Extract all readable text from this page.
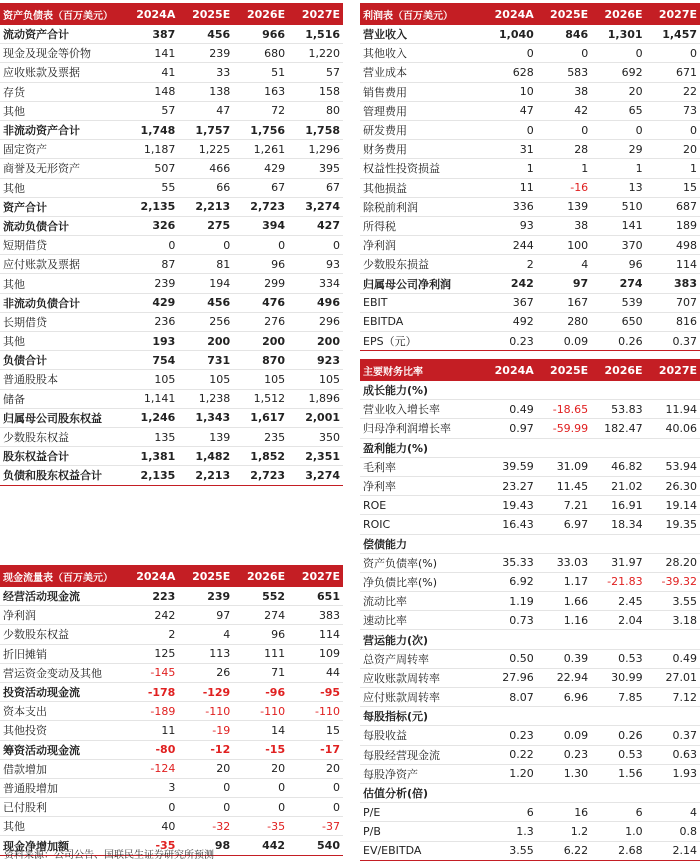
资产负债表（百万美元）	2024A	2025E	2026E	2027E
流动资产合计	387	456	966	1,516
现金及现金等价物	141	239	680	1,220
应收账款及票据	41	33	51	57
存货	148	138	163	158
其他	57	47	72	80
非流动资产合计	1,748	1,757	1,756	1,758
固定资产	1,187	1,225	1,261	1,296
商誉及无形资产	507	466	429	395
其他	55	66	67	67
资产合计	2,135	2,213	2,723	3,274
流动负债合计	326	275	394	427
短期借贷	0	0	0	0
应付账款及票据	87	81	96	93
其他	239	194	299	334
非流动负债合计	429	456	476	496
长期借贷	236	256	276	296
其他	193	200	200	200
负债合计	754	731	870	923
普通股股本	105	105	105	105
储备	1,141	1,238	1,512	1,896
归属母公司股东权益	1,246	1,343	1,617	2,001
少数股东权益	135	139	235	350
股东权益合计	1,381	1,482	1,852	2,351
负债和股东权益合计	2,135	2,213	2,723	3,274
利润表（百万美元）	2024A	2025E	2026E	2027E
营业收入	1,040	846	1,301	1,457
其他收入	0	0	0	0
营业成本	628	583	692	671
销售费用	10	38	20	22
管理费用	47	42	65	73
研发费用	0	0	0	0
财务费用	31	28	29	20
权益性投资损益	1	1	1	1
其他损益	11	-16	13	15
除税前利润	336	139	510	687
所得税	93	38	141	189
净利润	244	100	370	498
少数股东损益	2	4	96	114
归属母公司净利润	242	97	274	383
EBIT	367	167	539	707
EBITDA	492	280	650	816
EPS（元）	0.23	0.09	0.26	0.37
主要财务比率	2024A	2025E	2026E	2027E
成长能力(%)				
营业收入增长率	0.49	-18.65	53.83	11.94
归母净利润增长率	0.97	-59.99	182.47	40.06
盈利能力(%)				
毛利率	39.59	31.09	46.82	53.94
净利率	23.27	11.45	21.02	26.30
ROE	19.43	7.21	16.91	19.14
ROIC	16.43	6.97	18.34	19.35
偿债能力				
资产负债率(%)	35.33	33.03	31.97	28.20
净负债比率(%)	6.92	1.17	-21.83	-39.32
流动比率	1.19	1.66	2.45	3.55
速动比率	0.73	1.16	2.04	3.18
营运能力(次)				
总资产周转率	0.50	0.39	0.53	0.49
应收账款周转率	27.96	22.94	30.99	27.01
应付账款周转率	8.07	6.96	7.85	7.12
每股指标(元)				
每股收益	0.23	0.09	0.26	0.37
每股经营现金流	0.22	0.23	0.53	0.63
每股净资产	1.20	1.30	1.56	1.93
估值分析(倍)				
P/E	6	16	6	4
P/B	1.3	1.2	1.0	0.8
EV/EBITDA	3.55	6.22	2.68	2.14
现金流量表（百万美元）	2024A	2025E	2026E	2027E
经营活动现金流	223	239	552	651
净利润	242	97	274	383
少数股东权益	2	4	96	114
折旧摊销	125	113	111	109
营运资金变动及其他	-145	26	71	44
投资活动现金流	-178	-129	-96	-95
资本支出	-189	-110	-110	-110
其他投资	11	-19	14	15
筹资活动现金流	-80	-12	-15	-17
借款增加	-124	20	20	20
普通股增加	3	0	0	0
已付股利	0	0	0	0
其他	40	-32	-35	-37
现金净增加额	-35	98	442	540
资料来源：公司公告、国联民生证券研究所预测
